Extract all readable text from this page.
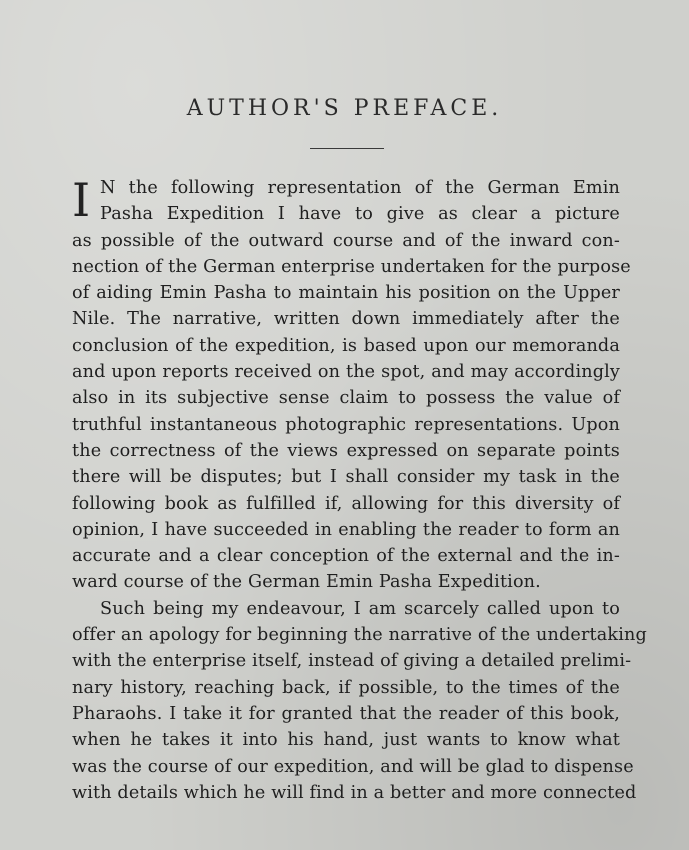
AUTHOR'S PREFACE.
I N the following representation of the German Emin
Pasha Expedition I have to give as clear a picture
as possible of the outward course and of the inward con-
nection of the German enterprise undertaken for the purpose
of aiding Emin Pasha to maintain his position on the Upper
Nile. The narrative, written down immediately after the
conclusion of the expedition, is based upon our memoranda
and upon reports received on the spot, and may accordingly
also in its subjective sense claim to possess the value of
truthful instantaneous photographic representations. Upon
the correctness of the views expressed on separate points
there will be disputes; but I shall consider my task in the
following book as fulfilled if, allowing for this diversity of
opinion, I have succeeded in enabling the reader to form an
accurate and a clear conception of the external and the in-
ward course of the German Emin Pasha Expedition.
Such being my endeavour, I am scarcely called upon to
offer an apology for beginning the narrative of the undertaking
with the enterprise itself, instead of giving a detailed prelimi-
nary history, reaching back, if possible, to the times of the
Pharaohs. I take it for granted that the reader of this book,
when he takes it into his hand, just wants to know what
was the course of our expedition, and will be glad to dispense
with details which he will find in a better and more connected
